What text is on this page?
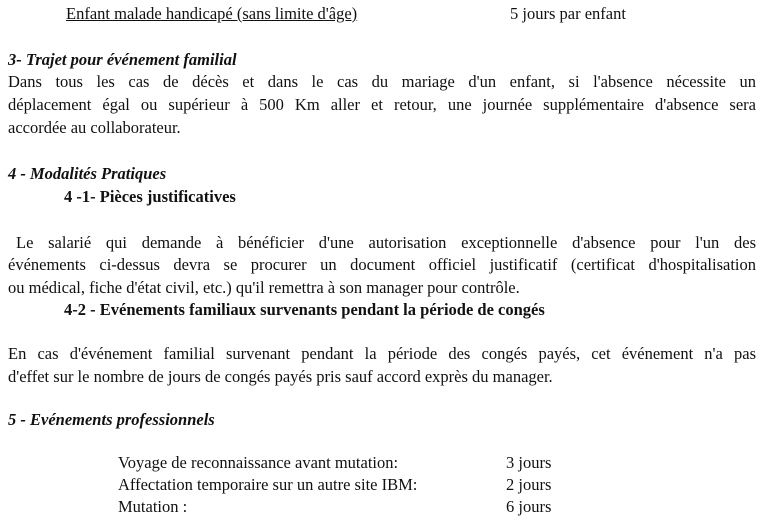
Enfant malade handicapé (sans limite d'âge)	5 jours par enfant
3- Trajet pour événement familial
Dans tous les cas de décès et dans le cas du mariage d'un enfant, si l'absence nécessite un
déplacement égal ou supérieur à 500 Km aller et retour, une journée supplémentaire d'absence sera
accordée au collaborateur.
4 - Modalités Pratiques
4 -1- Pièces justificatives
Le salarié qui demande à bénéficier d'une autorisation exceptionnelle d'absence pour l'un des
événements ci-dessus devra se procurer un document officiel justificatif (certificat d'hospitalisation
ou médical, fiche d'état civil, etc.) qu'il remettra à son manager pour contrôle.
4-2 - Evénements familiaux survenants pendant la période de congés
En cas d'événement familial survenant pendant la période des congés payés, cet événement n'a pas
d'effet sur le nombre de jours de congés payés pris sauf accord exprès du manager.
5 - Evénements professionnels
Voyage de reconnaissance avant mutation:	3 jours
Affectation temporaire sur un autre site IBM:	2 jours
Mutation :	6 jours
